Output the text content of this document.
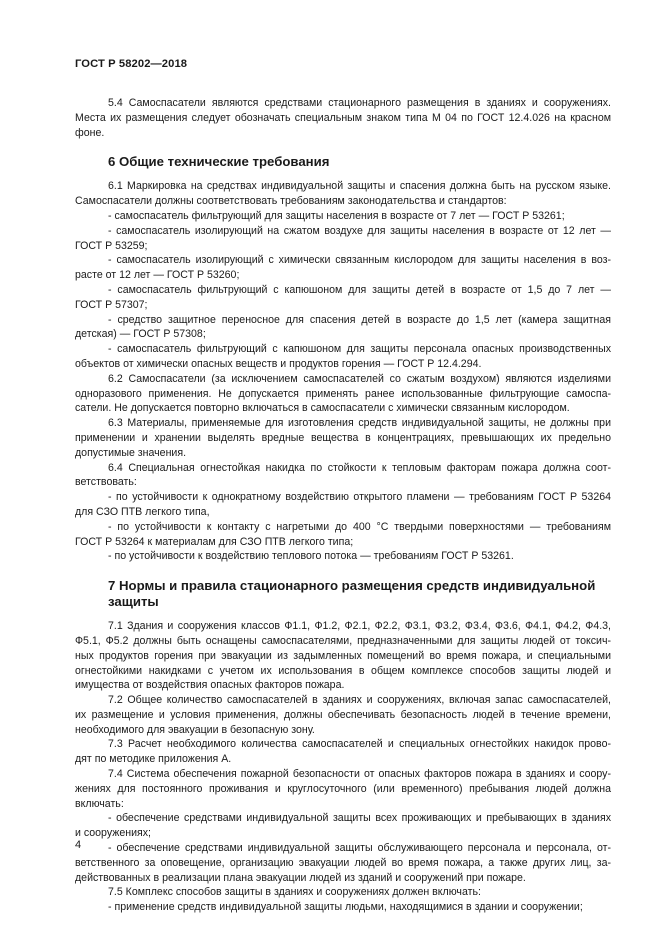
ГОСТ Р 58202—2018
5.4 Самоспасатели являются средствами стационарного размещения в зданиях и сооружениях.
Места их размещения следует обозначать специальным знаком типа М 04 по ГОСТ 12.4.026 на красном
фоне.
6 Общие технические требования
6.1 Маркировка на средствах индивидуальной защиты и спасения должна быть на русском языке.
Самоспасатели должны соответствовать требованиям законодательства и стандартов:
- самоспасатель фильтрующий для защиты населения в возрасте от 7 лет — ГОСТ Р 53261;
- самоспасатель изолирующий на сжатом воздухе для защиты населения в возрасте от 12 лет —
ГОСТ Р 53259;
- самоспасатель изолирующий с химически связанным кислородом для защиты населения в воз-
расте от 12 лет — ГОСТ Р 53260;
- самоспасатель фильтрующий с капюшоном для защиты детей в возрасте от 1,5 до 7 лет —
ГОСТ Р 57307;
- средство защитное переносное для спасения детей в возрасте до 1,5 лет (камера защитная
детская) — ГОСТ Р 57308;
- самоспасатель фильтрующий с капюшоном для защиты персонала опасных производственных
объектов от химически опасных веществ и продуктов горения — ГОСТ Р 12.4.294.
6.2 Самоспасатели (за исключением самоспасателей со сжатым воздухом) являются изделиями
одноразового применения. Не допускается применять ранее использованные фильтрующие самоспа-
сатели. Не допускается повторно включаться в самоспасатели с химически связанным кислородом.
6.3 Материалы, применяемые для изготовления средств индивидуальной защиты, не должны при
применении и хранении выделять вредные вещества в концентрациях, превышающих их предельно
допустимые значения.
6.4 Специальная огнестойкая накидка по стойкости к тепловым факторам пожара должна соот-
ветствовать:
- по устойчивости к однократному воздействию открытого пламени — требованиям ГОСТ Р 53264
для СЗО ПТВ легкого типа,
- по устойчивости к контакту с нагретыми до 400 °С твердыми поверхностями — требованиям
ГОСТ Р 53264 к материалам для СЗО ПТВ легкого типа;
- по устойчивости к воздействию теплового потока — требованиям ГОСТ Р 53261.
7 Нормы и правила стационарного размещения средств индивидуальной
защиты
7.1 Здания и сооружения классов Ф1.1, Ф1.2, Ф2.1, Ф2.2, Ф3.1, Ф3.2, Ф3.4, Ф3.6, Ф4.1, Ф4.2, Ф4.3,
Ф5.1, Ф5.2 должны быть оснащены самоспасателями, предназначенными для защиты людей от токсич-
ных продуктов горения при эвакуации из задымленных помещений во время пожара, и специальными
огнестойкими накидками с учетом их использования в общем комплексе способов защиты людей и
имущества от воздействия опасных факторов пожара.
7.2 Общее количество самоспасателей в зданиях и сооружениях, включая запас самоспасателей,
их размещение и условия применения, должны обеспечивать безопасность людей в течение времени,
необходимого для эвакуации в безопасную зону.
7.3 Расчет необходимого количества самоспасателей и специальных огнестойких накидок прово-
дят по методике приложения А.
7.4 Система обеспечения пожарной безопасности от опасных факторов пожара в зданиях и соору-
жениях для постоянного проживания и круглосуточного (или временного) пребывания людей должна
включать:
- обеспечение средствами индивидуальной защиты всех проживающих и пребывающих в зданиях
и сооружениях;
- обеспечение средствами индивидуальной защиты обслуживающего персонала и персонала, от-
ветственного за оповещение, организацию эвакуации людей во время пожара, а также других лиц, за-
действованных в реализации плана эвакуации людей из зданий и сооружений при пожаре.
7.5 Комплекс способов защиты в зданиях и сооружениях должен включать:
- применение средств индивидуальной защиты людьми, находящимися в здании и сооружении;
4
